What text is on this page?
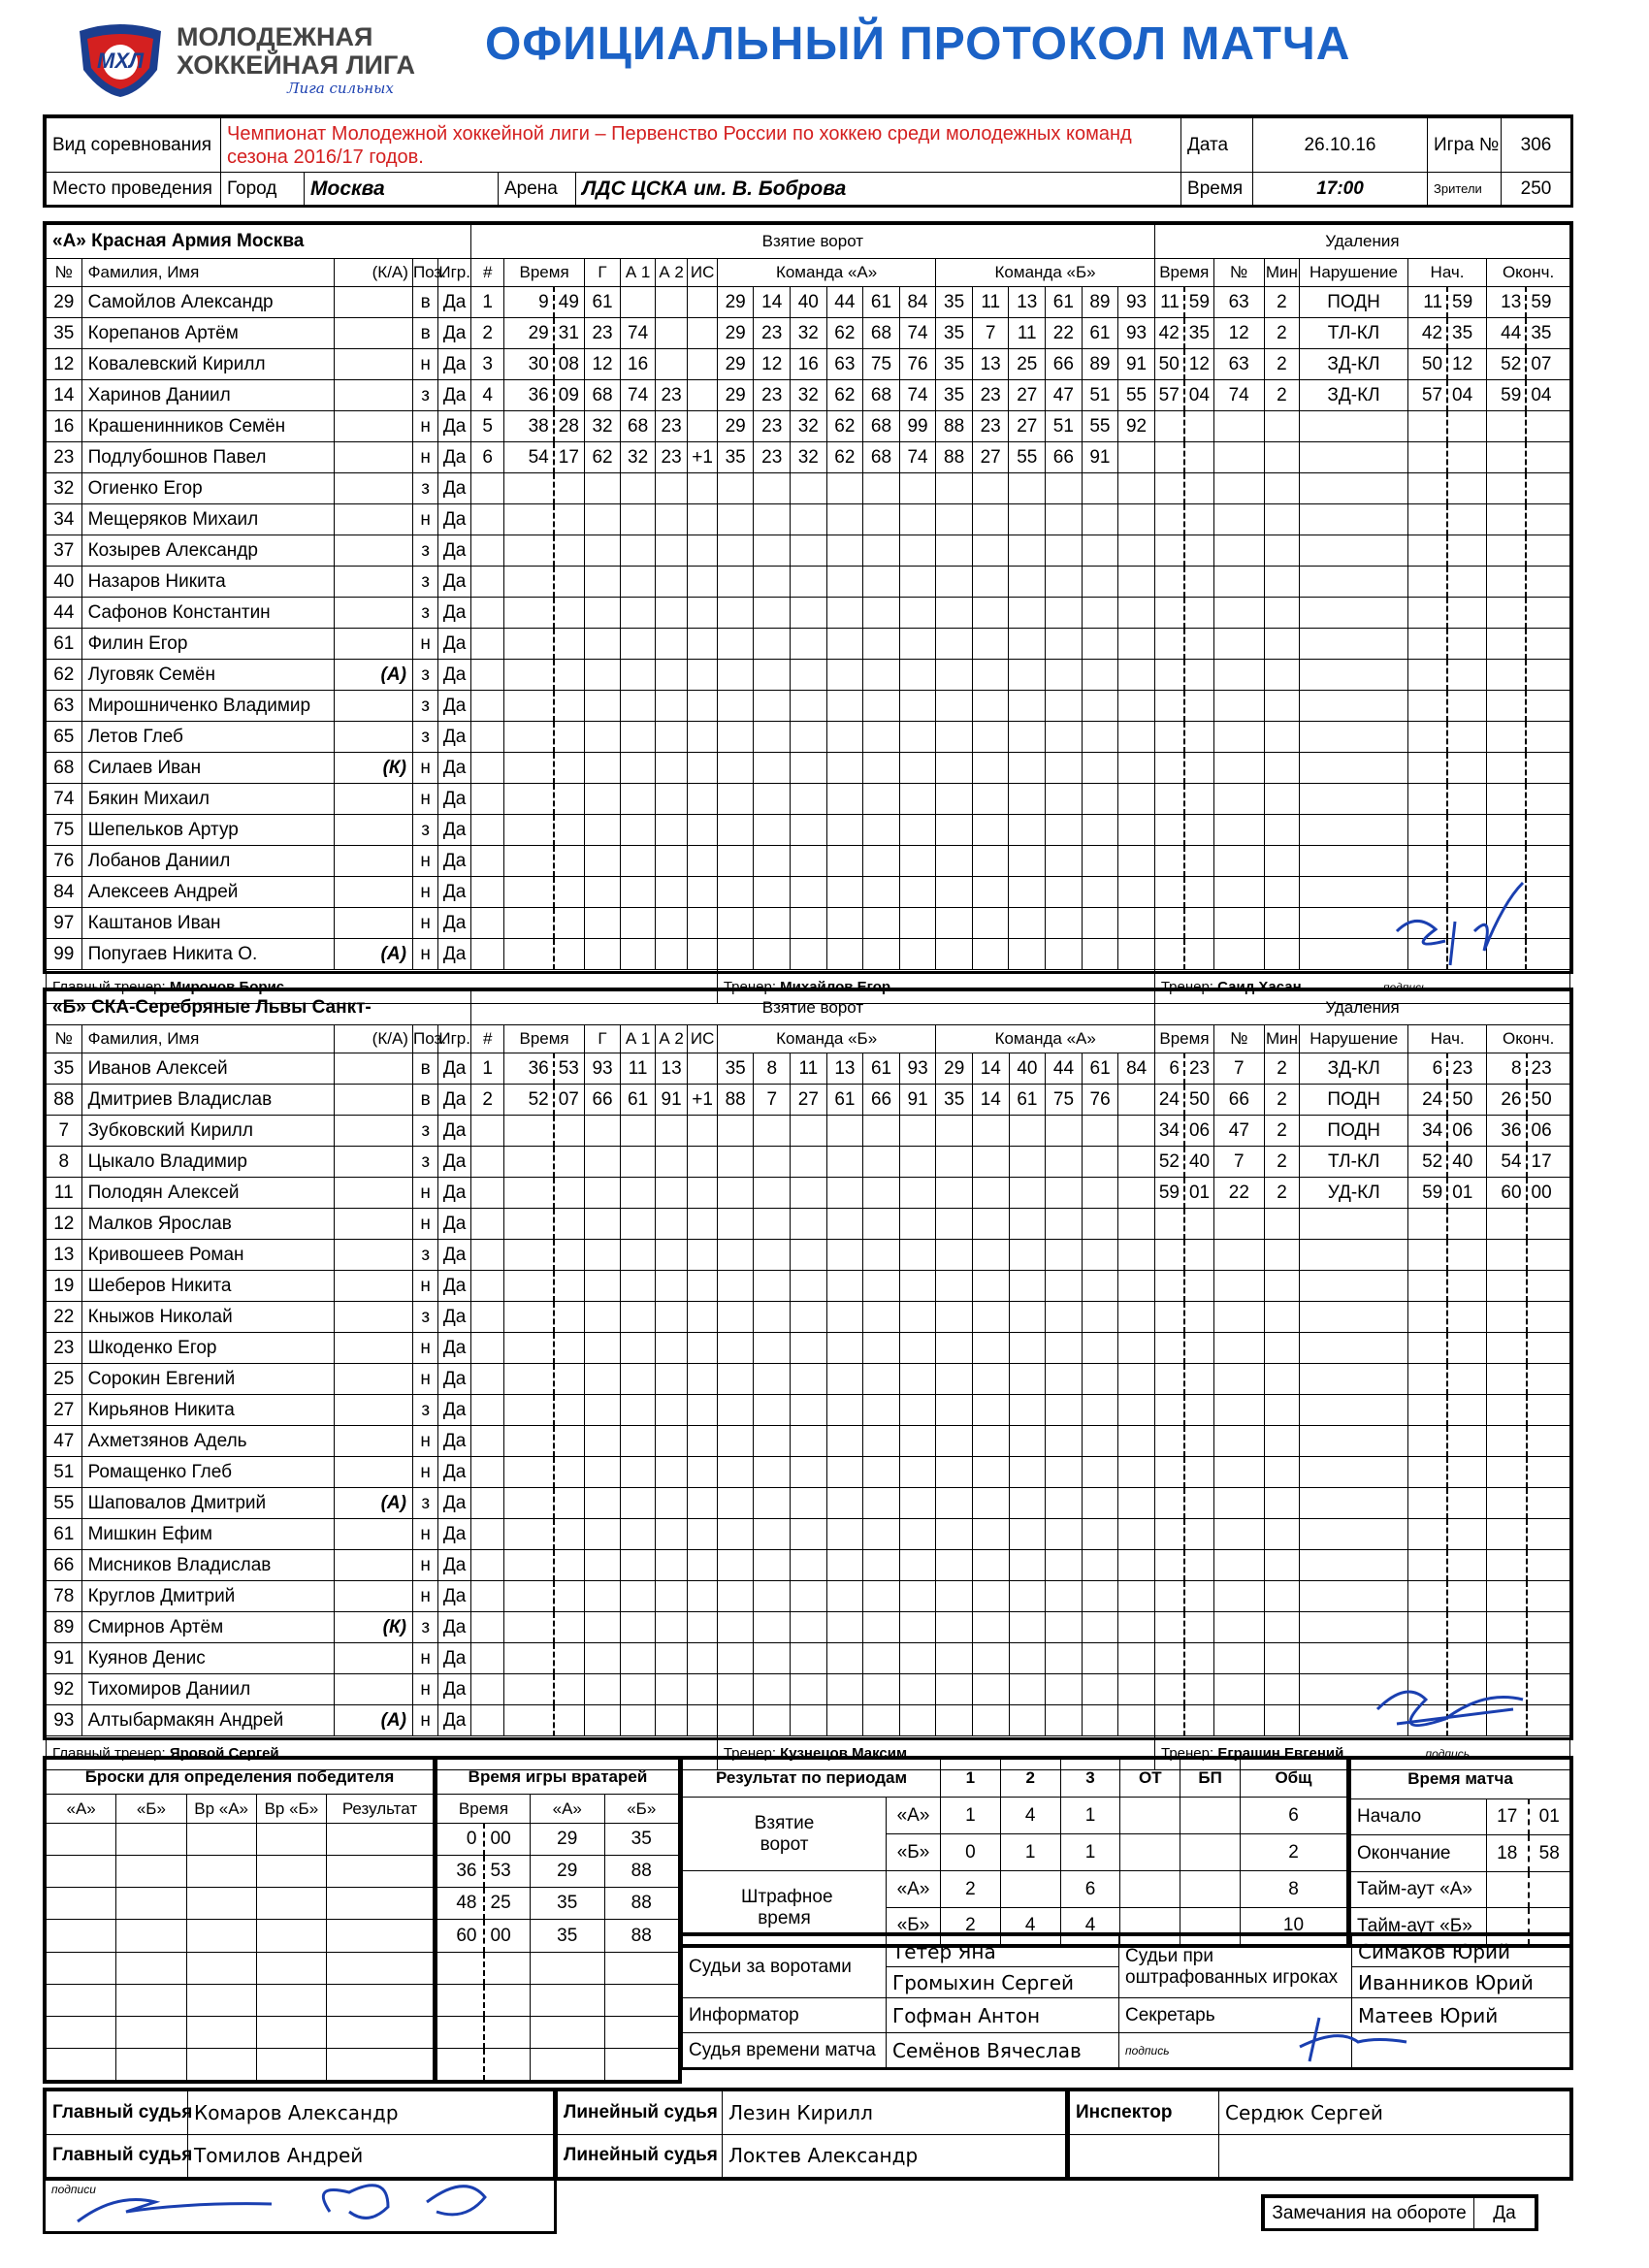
МХЛ
МОЛОДЕЖНАЯ
ХОККЕЙНАЯ ЛИГА
Лига сильных
ОФИЦИАЛЬНЫЙ ПРОТОКОЛ МАТЧА
Вид соревнования	Чемпионат Молодежной хоккейной лиги – Первенство России по хоккею среди молодежных команд сезона 2016/17 годов.				Дата	26.10.16	Игра №	306
Место проведения	Город	Москва	Арена	ЛДС ЦСКА им. В. Боброва	Время	17:00	Зрители	250
«А» Красная Армия Москва					Взятие ворот																			Удаления								
№	Фамилия, Имя	(К/А)	Поз.	Игр.	#	Время		Г	А 1	А 2	ИС	Команда «А»						Команда «Б»						Время		№	Мин	Нарушение	Нач.		Оконч.	
29	Самойлов Александр		в	Да	1	9	49	61				29	14	40	44	61	84	35	11	13	61	89	93	11	59	63	2	ПОДН	11	59	13	59
35	Корепанов Артём		в	Да	2	29	31	23	74			29	23	32	62	68	74	35	7	11	22	61	93	42	35	12	2	ТЛ-КЛ	42	35	44	35
12	Ковалевский Кирилл		н	Да	3	30	08	12	16			29	12	16	63	75	76	35	13	25	66	89	91	50	12	63	2	ЗД-КЛ	50	12	52	07
14	Харинов Даниил		з	Да	4	36	09	68	74	23		29	23	32	62	68	74	35	23	27	47	51	55	57	04	74	2	ЗД-КЛ	57	04	59	04
16	Крашенинников Семён		н	Да	5	38	28	32	68	23		29	23	32	62	68	99	88	23	27	51	55	92									
23	Подлубошнов Павел		н	Да	6	54	17	62	32	23	+1	35	23	32	62	68	74	88	27	55	66	91										
32	Огиенко Егор		з	Да																												
34	Мещеряков Михаил		н	Да																												
37	Козырев Александр		з	Да																												
40	Назаров Никита		з	Да																												
44	Сафонов Константин		з	Да																												
61	Филин Егор		н	Да																												
62	Луговяк Семён	(А)	з	Да																												
63	Мирошниченко Владимир		з	Да																												
65	Летов Глеб		з	Да																												
68	Силаев Иван	(К)	н	Да																												
74	Бякин Михаил		н	Да																												
75	Шепельков Артур		з	Да																												
76	Лобанов Даниил		н	Да																												
84	Алексеев Андрей		н	Да																												
97	Каштанов Иван		н	Да																												
99	Попугаев Никита О.	(А)	н	Да																												
Главный тренер: Миронов Борис												Тренер: Михайлов Егор												Тренер: Саид Хасан подпись								
«Б» СКА-Серебряные Львы Санкт-					Взятие ворот																			Удаления								
№	Фамилия, Имя	(К/А)	Поз.	Игр.	#	Время		Г	А 1	А 2	ИС	Команда «Б»						Команда «А»						Время		№	Мин	Нарушение	Нач.		Оконч.	
35	Иванов Алексей		в	Да	1	36	53	93	11	13		35	8	11	13	61	93	29	14	40	44	61	84	6	23	7	2	ЗД-КЛ	6	23	8	23
88	Дмитриев Владислав		в	Да	2	52	07	66	61	91	+1	88	7	27	61	66	91	35	14	61	75	76		24	50	66	2	ПОДН	24	50	26	50
7	Зубковский Кирилл		з	Да																				34	06	47	2	ПОДН	34	06	36	06
8	Цыкало Владимир		з	Да																				52	40	7	2	ТЛ-КЛ	52	40	54	17
11	Полодян Алексей		н	Да																				59	01	22	2	УД-КЛ	59	01	60	00
12	Малков Ярослав		н	Да																												
13	Кривошеев Роман		з	Да																												
19	Шеберов Никита		н	Да																												
22	Кныжов Николай		з	Да																												
23	Шкоденко Егор		н	Да																												
25	Сорокин Евгений		н	Да																												
27	Кирьянов Никита		з	Да																												
47	Ахметзянов Адель		н	Да																												
51	Ромащенко Глеб		н	Да																												
55	Шаповалов Дмитрий	(А)	з	Да																												
61	Мишкин Ефим		н	Да																												
66	Мисников Владислав		н	Да																												
78	Круглов Дмитрий		н	Да																												
89	Смирнов Артём	(К)	з	Да																												
91	Куянов Денис		н	Да																												
92	Тихомиров Даниил		н	Да																												
93	Алтыбармакян Андрей	(А)	н	Да																												
Главный тренер: Яровой Сергей												Тренер: Кузнецов Максим												Тренер: Еграшин Евгений подпись								
Броски для определения победителя				
«А»	«Б»	Вр «А»	Вр «Б»	Результат

Время игры вратарей			
Время		«А»	«Б»
0	00	29	35
36	53	29	88
48	25	35	88
60	00	35	88

Результат по периодам		1	2	3	ОТ	БП	Общ
Взятие ворот	«А»	1	4	1			6
	«Б»	0	1	1			2
Штрафное время	«А»	2		6			8
	«Б»	2	4	4			10
Время матча		
Начало	17	01
Окончание	18	58
Тайм-аут «А»		
Тайм-аут «Б»		
Судьи за воротами	Тетер Яна	Судьи при оштрафованных игроках	Симаков Юрий
	Громыхин Сергей		Иванников Юрий
Информатор	Гофман Антон	Секретарь	Матеев Юрий
Судья времени матча	Семёнов Вячеслав	подпись	
Главный судья	Комаров Александр
Главный судья	Томилов Андрей
подписи
Линейный судья	Лезин Кирилл
Линейный судья	Локтев Александр
Инспектор	Сердюк Сергей

Замечания на обороте	Да
